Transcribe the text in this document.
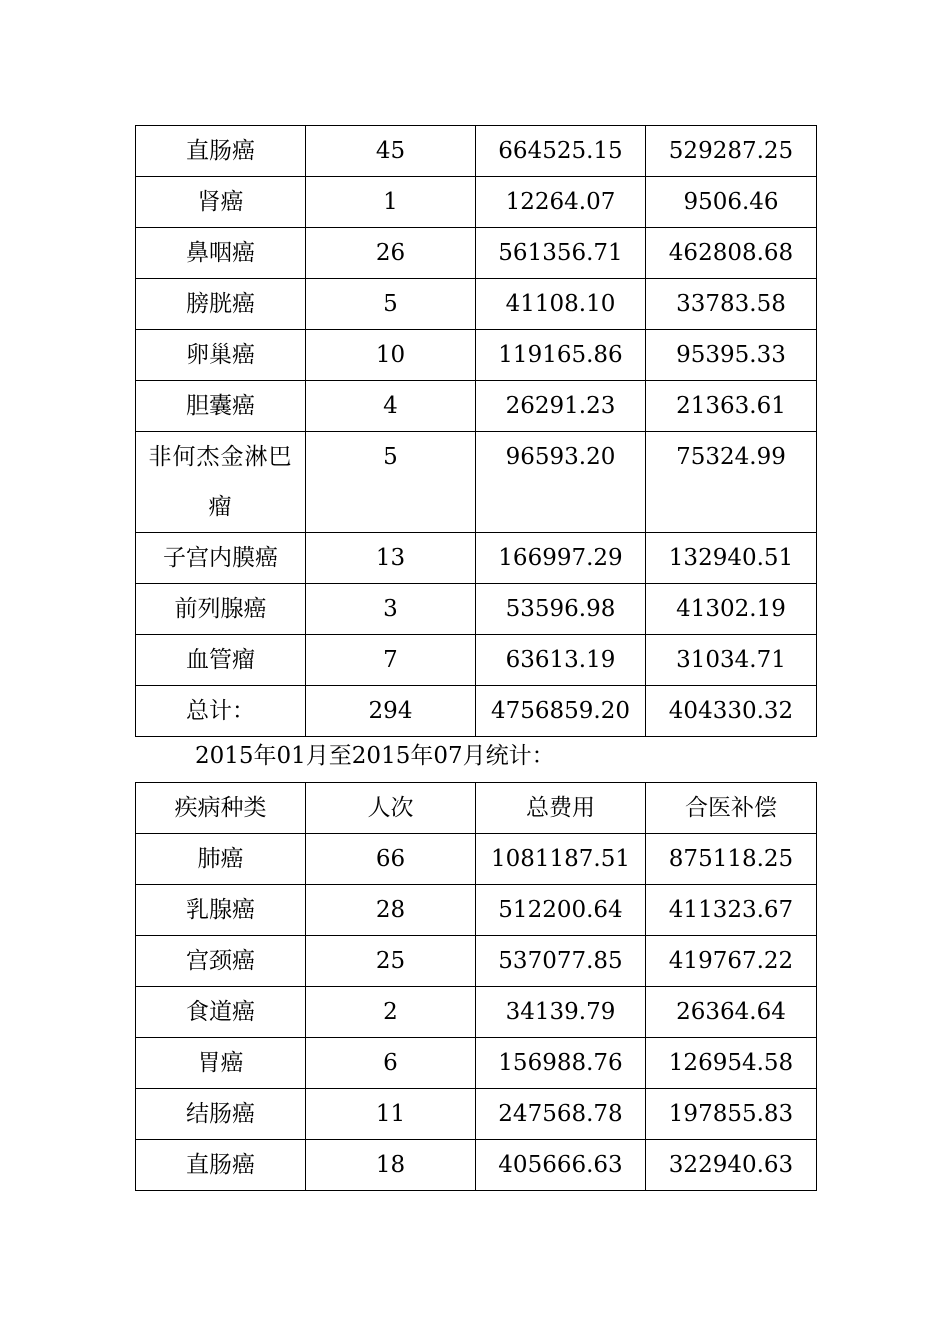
直肠癌	45	664525.15	529287.25
肾癌	1	12264.07	9506.46
鼻咽癌	26	561356.71	462808.68
膀胱癌	5	41108.10	33783.58
卵巢癌	10	119165.86	95395.33
胆囊癌	4	26291.23	21363.61
非何杰金淋巴瘤	5	96593.20	75324.99
子宫内膜癌	13	166997.29	132940.51
前列腺癌	3	53596.98	41302.19
血管瘤	7	63613.19	31034.71
总计：	294	4756859.20	404330.32
2015年01月至2015年07月统计：
疾病种类	人次	总费用	合医补偿
肺癌	66	1081187.51	875118.25
乳腺癌	28	512200.64	411323.67
宫颈癌	25	537077.85	419767.22
食道癌	2	34139.79	26364.64
胃癌	6	156988.76	126954.58
结肠癌	11	247568.78	197855.83
直肠癌	18	405666.63	322940.63
